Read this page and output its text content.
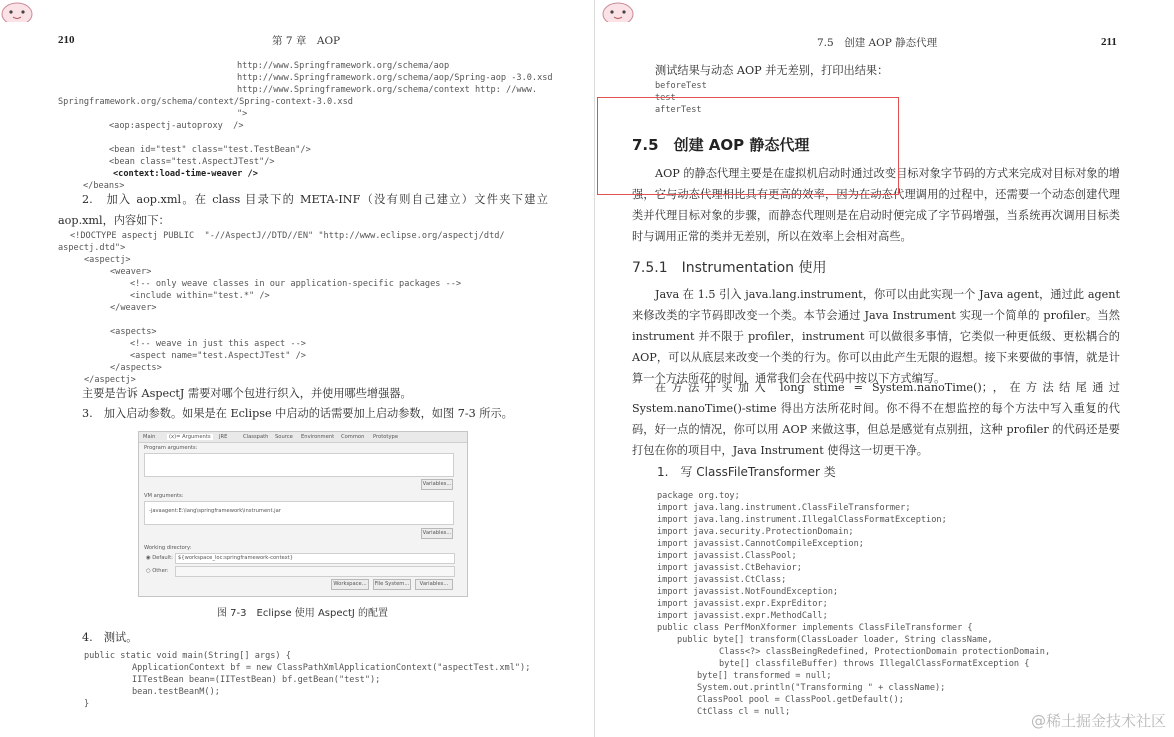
210	第 7 章　AOP
http://www.Springframework.org/schema/aop
http://www.Springframework.org/schema/aop/Spring-aop -3.0.xsd
http://www.Springframework.org/schema/context http: //www.
Springframework.org/schema/context/Spring-context-3.0.xsd
">
<aop:aspectj-autoproxy  />
<bean id="test" class="test.TestBean"/>
<bean class="test.AspectJTest"/>
<context:load-time-weaver />
</beans>
2.　加入 aop.xml。在 class 目录下的 META-INF（没有则自己建立）文件夹下建立 aop.xml，内容如下：
<!DOCTYPE aspectj PUBLIC  "-//AspectJ//DTD//EN" "http://www.eclipse.org/aspectj/dtd/
aspectj.dtd">
<aspectj>
<weaver>
<!-- only weave classes in our application-specific packages -->
<include within="test.*" />
</weaver>
<aspects>
<!-- weave in just this aspect -->
<aspect name="test.AspectJTest" />
</aspects>
</aspectj>
主要是告诉 AspectJ 需要对哪个包进行织入，并使用哪些增强器。
3.　加入启动参数。如果是在 Eclipse 中启动的话需要加上启动参数，如图 7-3 所示。
Main	(x)= Arguments	JRE	Classpath Source Environment Common Prototype
Program arguments:
Variables...
VM arguments:
-javaagent:E:\lang\springframework\instrument.jar
Variables...
Working directory:
◉ Default: ${workspace_loc:springframework-context}
○ Other:
Workspace...	File System...	Variables...
图 7-3　Eclipse 使用 AspectJ 的配置
4.　测试。
public static void main(String[] args) {
ApplicationContext bf = new ClassPathXmlApplicationContext("aspectTest.xml");
IITestBean bean=(IITestBean) bf.getBean("test");
bean.testBeanM();
}
7.5　创建 AOP 静态代理	211
测试结果与动态 AOP 并无差别，打印出结果：
beforeTest
test
afterTest
7.5　创建 AOP 静态代理
AOP 的静态代理主要是在虚拟机启动时通过改变目标对象字节码的方式来完成对目标对象的增强，它与动态代理相比具有更高的效率，因为在动态代理调用的过程中，还需要一个动态创建代理类并代理目标对象的步骤，而静态代理则是在启动时便完成了字节码增强，当系统再次调用目标类时与调用正常的类并无差别，所以在效率上会相对高些。
7.5.1　Instrumentation 使用
Java 在 1.5 引入 java.lang.instrument，你可以由此实现一个 Java agent，通过此 agent 来修改类的字节码即改变一个类。本节会通过 Java Instrument 实现一个简单的 profiler。当然 instrument 并不限于 profiler，instrument 可以做很多事情，它类似一种更低级、更松耦合的 AOP，可以从底层来改变一个类的行为。你可以由此产生无限的遐想。接下来要做的事情，就是计算一个方法所花的时间，通常我们会在代码中按以下方式编写。
在方法开头加入 long stime = System.nanoTime()；，在方法结尾通过 System.nanoTime()-stime 得出方法所花时间。你不得不在想监控的每个方法中写入重复的代码，好一点的情况，你可以用 AOP 来做这事，但总是感觉有点别扭，这种 profiler 的代码还是要打包在你的项目中，Java Instrument 使得这一切更干净。
1.　写 ClassFileTransformer 类
package org.toy;
import java.lang.instrument.ClassFileTransformer;
import java.lang.instrument.IllegalClassFormatException;
import java.security.ProtectionDomain;
import javassist.CannotCompileException;
import javassist.ClassPool;
import javassist.CtBehavior;
import javassist.CtClass;
import javassist.NotFoundException;
import javassist.expr.ExprEditor;
import javassist.expr.MethodCall;
public class PerfMonXformer implements ClassFileTransformer {
public byte[] transform(ClassLoader loader, String className,
Class<?> classBeingRedefined, ProtectionDomain protectionDomain,
byte[] classfileBuffer) throws IllegalClassFormatException {
byte[] transformed = null;
System.out.println("Transforming " + className);
ClassPool pool = ClassPool.getDefault();
CtClass cl = null;	@稀土掘金技术社区
